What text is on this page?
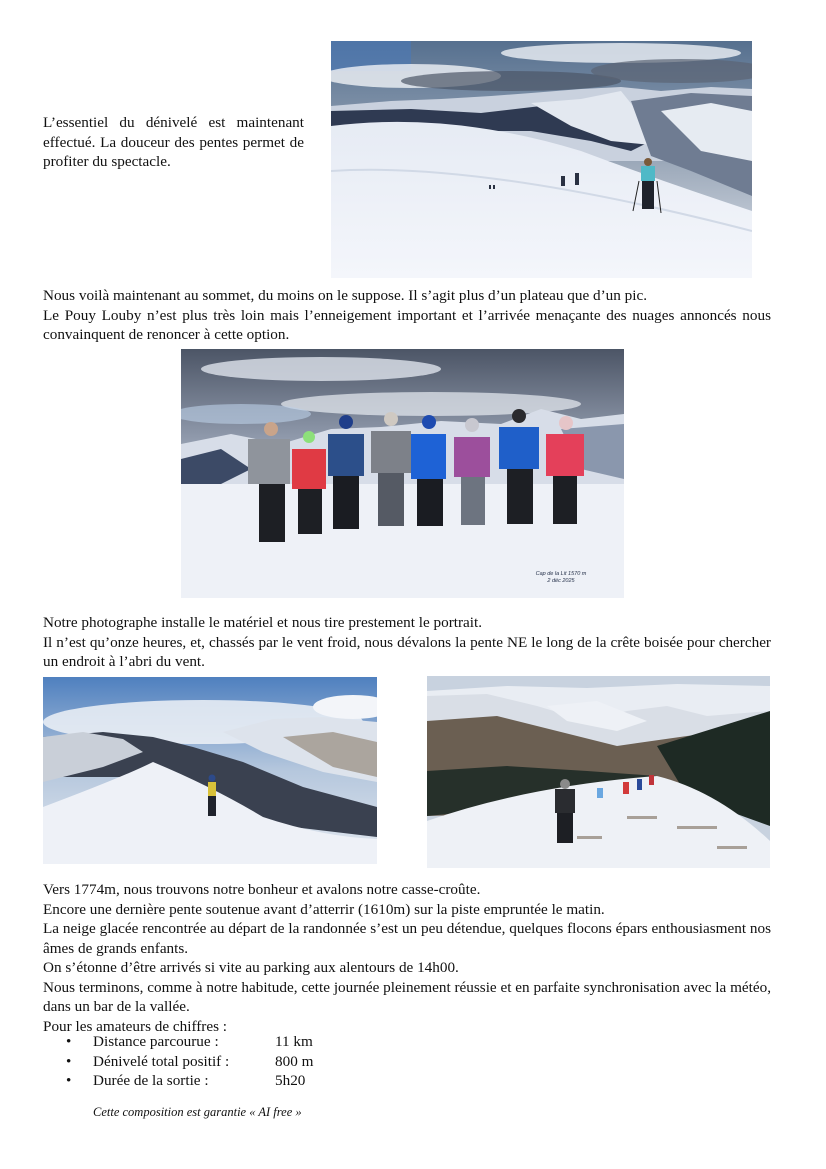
L’essentiel du dénivelé est maintenant effectué. La douceur des pentes permet de profiter du spectacle.

Nous voilà maintenant au sommet, du moins on le suppose. Il s’agit plus d’un plateau que d’un pic.

Le Pouy Louby n’est plus très loin mais l’enneigement important et l’arrivée menaçante des nuages annoncés nous convainquent de renoncer à cette option.

Cap de la Lit 1570 m
2 déc 2025

Notre photographe installe le matériel et nous tire prestement le portrait.

Il n’est qu’onze heures, et, chassés par le vent froid, nous dévalons la pente NE le long de la crête boisée pour chercher un endroit à l’abri du vent.

Vers 1774m, nous trouvons notre bonheur et avalons notre casse-croûte.

Encore une dernière pente soutenue avant d’atterrir (1610m) sur la piste empruntée le matin.

La neige glacée rencontrée au départ de la randonnée s’est un peu détendue, quelques flocons épars enthousiasment nos âmes de grands enfants.

On s’étonne d’être arrivés si vite au parking aux alentours de 14h00.

Nous terminons, comme à notre habitude, cette journée pleinement réussie et en parfaite synchronisation avec la météo, dans un bar de la vallée.

Pour les amateurs de chiffres :

•	Distance parcourue :	11 km
•	Dénivelé total positif :	800 m
•	Durée de la sortie :	5h20
Cette composition est garantie « AI free »
